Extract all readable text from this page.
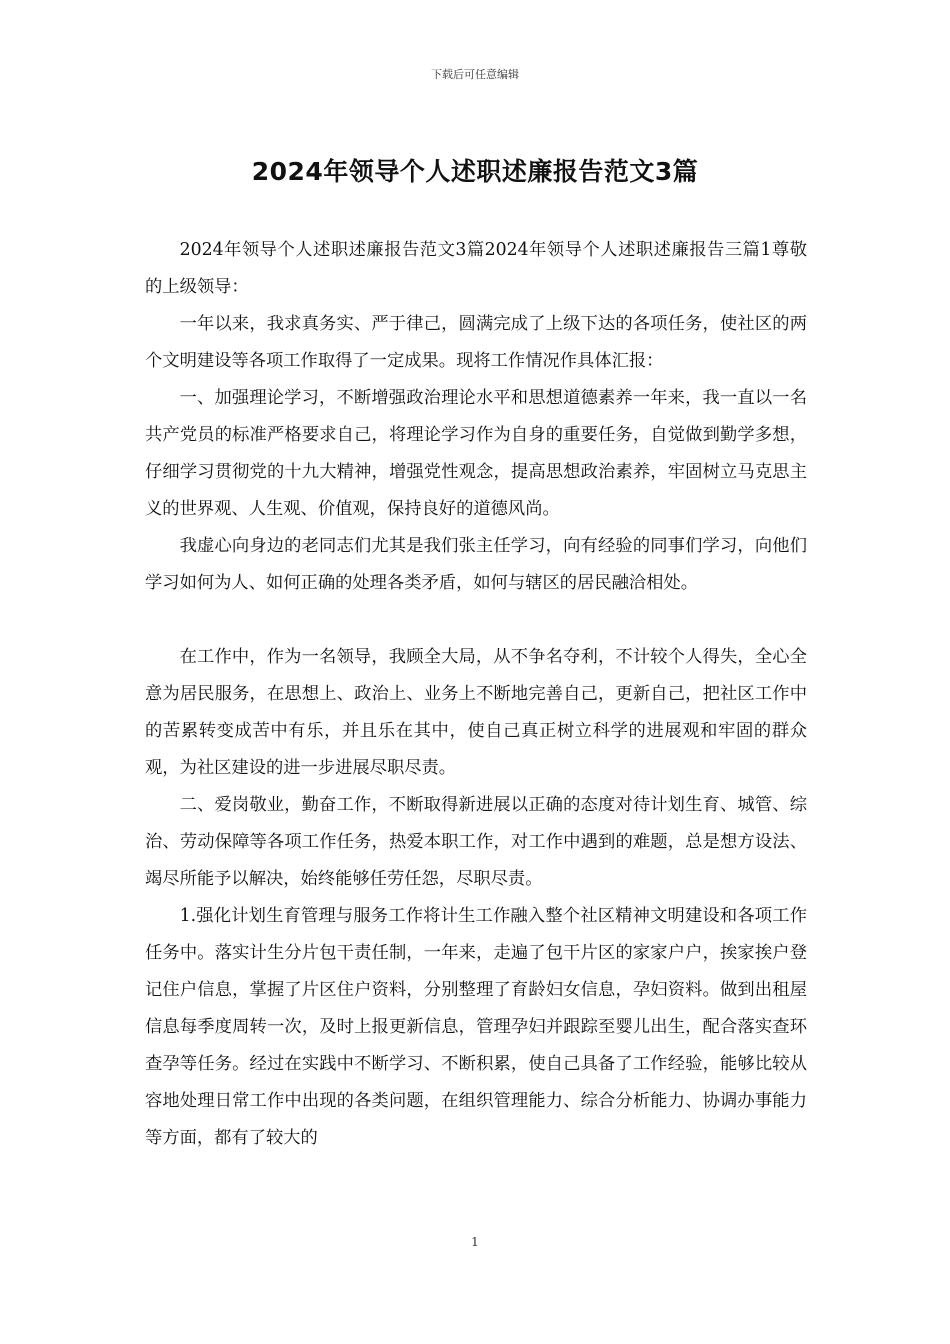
下载后可任意编辑
2024年领导个人述职述廉报告范文3篇

2024年领导个人述职述廉报告范文3篇2024年领导个人述职述廉报告三篇1尊敬的上级领导：

一年以来，我求真务实、严于律己，圆满完成了上级下达的各项任务，使社区的两个文明建设等各项工作取得了一定成果。现将工作情况作具体汇报：

一、加强理论学习，不断增强政治理论水平和思想道德素养一年来，我一直以一名共产党员的标准严格要求自己，将理论学习作为自身的重要任务，自觉做到勤学多想，仔细学习贯彻党的十九大精神，增强党性观念，提高思想政治素养，牢固树立马克思主义的世界观、人生观、价值观，保持良好的道德风尚。

我虚心向身边的老同志们尤其是我们张主任学习，向有经验的同事们学习，向他们学习如何为人、如何正确的处理各类矛盾，如何与辖区的居民融洽相处。

在工作中，作为一名领导，我顾全大局，从不争名夺利，不计较个人得失，全心全意为居民服务，在思想上、政治上、业务上不断地完善自己，更新自己，把社区工作中的苦累转变成苦中有乐，并且乐在其中，使自己真正树立科学的进展观和牢固的群众观，为社区建设的进一步进展尽职尽责。

二、爱岗敬业，勤奋工作，不断取得新进展以正确的态度对待计划生育、城管、综治、劳动保障等各项工作任务，热爱本职工作，对工作中遇到的难题，总是想方设法、竭尽所能予以解决，始终能够任劳任怨，尽职尽责。

1.强化计划生育管理与服务工作将计生工作融入整个社区精神文明建设和各项工作任务中。落实计生分片包干责任制，一年来，走遍了包干片区的家家户户，挨家挨户登记住户信息，掌握了片区住户资料，分别整理了育龄妇女信息，孕妇资料。做到出租屋信息每季度周转一次，及时上报更新信息，管理孕妇并跟踪至婴儿出生，配合落实查环查孕等任务。经过在实践中不断学习、不断积累，使自己具备了工作经验，能够比较从容地处理日常工作中出现的各类问题，在组织管理能力、综合分析能力、协调办事能力等方面，都有了较大的

1
